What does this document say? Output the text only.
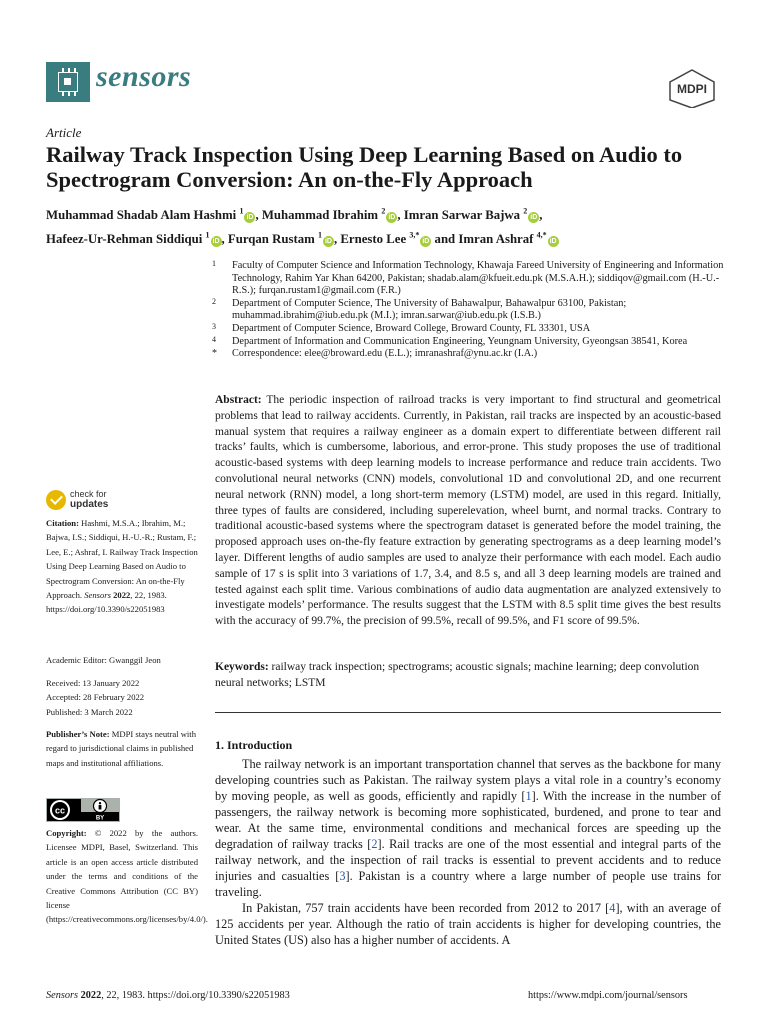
sensors	MDPI
Article
Railway Track Inspection Using Deep Learning Based on Audio to Spectrogram Conversion: An on-the-Fly Approach
Muhammad Shadab Alam Hashmi $^1$iD , Muhammad Ibrahim $^2$iD , Imran Sarwar Bajwa $^2$iD ,
Hafeez-Ur-Rehman Siddiqui $^1$iD , Furqan Rustam $^1$iD , Ernesto Lee $^{3,*}$iD and Imran Ashraf $^{4,*}$iD
1 Faculty of Computer Science and Information Technology, Khawaja Fareed University of Engineering and Information Technology, Rahim Yar Khan 64200, Pakistan; shadab.alam@kfueit.edu.pk (M.S.A.H.); siddiqov@gmail.com (H.-U.-R.S.); furqan.rustam1@gmail.com (F.R.)
2 Department of Computer Science, The University of Bahawalpur, Bahawalpur 63100, Pakistan; muhammad.ibrahim@iub.edu.pk (M.I.); imran.sarwar@iub.edu.pk (I.S.B.)
3 Department of Computer Science, Broward College, Broward County, FL 33301, USA
4 Department of Information and Communication Engineering, Yeungnam University, Gyeongsan 38541, Korea
* Correspondence: elee@broward.edu (E.L.); imranashraf@ynu.ac.kr (I.A.)
Abstract: The periodic inspection of railroad tracks is very important to find structural and geometrical problems that lead to railway accidents. Currently, in Pakistan, rail tracks are inspected by an acoustic-based manual system that requires a railway engineer as a domain expert to differentiate between different rail tracks’ faults, which is cumbersome, laborious, and error-prone. This study proposes the use of traditional acoustic-based systems with deep learning models to increase performance and reduce train accidents. Two convolutional neural networks (CNN) models, convolutional 1D and convolutional 2D, and one recurrent neural network (RNN) model, a long short-term memory (LSTM) model, are used in this regard. Initially, three types of faults are considered, including superelevation, wheel burnt, and normal tracks. Contrary to traditional acoustic-based systems where the spectrogram dataset is generated before the model training, the proposed approach uses on-the-fly feature extraction by generating spectrograms as a deep learning model’s layer. Different lengths of audio samples are used to analyze their performance with each model. Each audio sample of 17 s is split into 3 variations of 1.7, 3.4, and 8.5 s, and all 3 deep learning models are trained and tested against each split time. Various combinations of audio data augmentation are analyzed extensively to investigate models’ performance. The results suggest that the LSTM with 8.5 split time gives the best results with the accuracy of 99.7%, the precision of 99.5%, recall of 99.5%, and F1 score of 99.5%.
Keywords: railway track inspection; spectrograms; acoustic signals; machine learning; deep convolution neural networks; LSTM
1. Introduction

The railway network is an important transportation channel that serves as the backbone for many developing countries such as Pakistan. The railway system plays a vital role in a country’s economy by moving people, as well as goods, efficiently and rapidly [1]. With the increase in the number of passengers, the railway network is becoming more sophisticated, burdened, and prone to tear and wear. At the same time, environmental conditions and mechanical forces are speeding up the degradation of railway tracks [2]. Rail tracks are one of the most essential and integral parts of the railway network, and the inspection of rail tracks is essential to prevent accidents and to reduce injuries and casualties [3]. Pakistan is a country where a large number of people use trains for traveling.

In Pakistan, 757 train accidents have been recorded from 2012 to 2017 [4], with an average of 125 accidents per year. Although the ratio of train accidents is higher for developing countries, the United States (US) also has a higher number of accidents. A

check for
updates
Citation: Hashmi, M.S.A.; Ibrahim, M.; Bajwa, I.S.; Siddiqui, H.-U.-R.; Rustam, F.; Lee, E.; Ashraf, I. Railway Track Inspection Using Deep Learning Based on Audio to Spectrogram Conversion: An on-the-Fly Approach. Sensors 2022, 22, 1983. https://doi.org/10.3390/s22051983
Academic Editor: Gwanggil Jeon
Received: 13 January 2022
Accepted: 28 February 2022
Published: 3 March 2022
Publisher’s Note: MDPI stays neutral with regard to jurisdictional claims in published maps and institutional affiliations.
cc
BY
Copyright: © 2022 by the authors. Licensee MDPI, Basel, Switzerland. This article is an open access article distributed under the terms and conditions of the Creative Commons Attribution (CC BY) license (https://creativecommons.org/licenses/by/4.0/).
Sensors 2022, 22, 1983. https://doi.org/10.3390/s22051983	https://www.mdpi.com/journal/sensors
